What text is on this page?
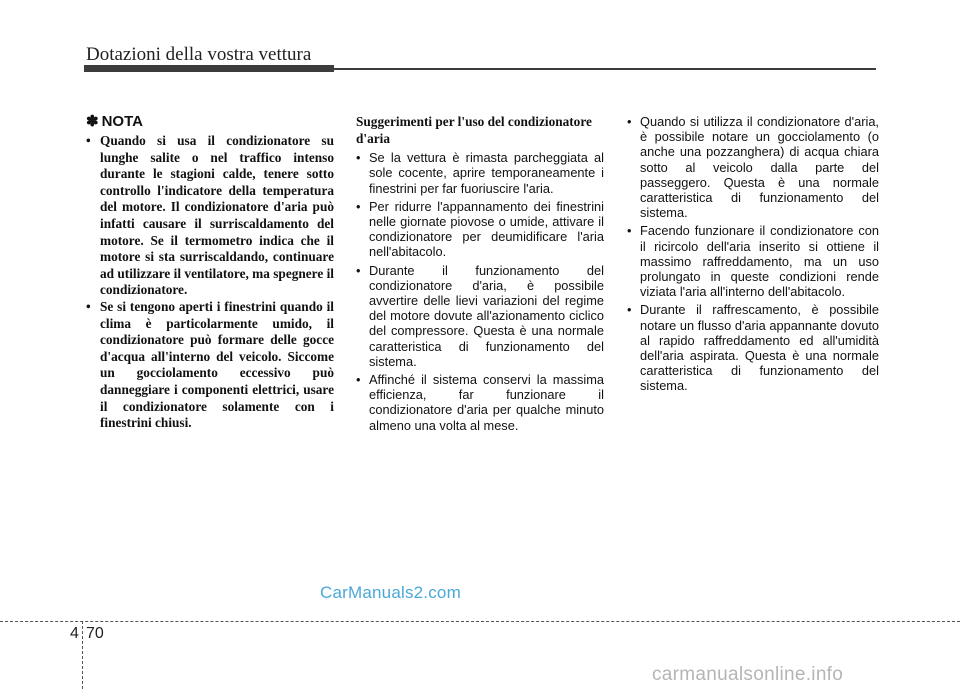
Dotazioni della vostra vettura
✽ NOTA
• Quando si usa il condizionatore su lunghe salite o nel traffico intenso durante le stagioni calde, tenere sotto controllo l'indicatore della temperatura del motore. Il condizionatore d'aria può infatti causare il surriscaldamento del motore. Se il termometro indica che il motore si sta surriscaldando, continuare ad utilizzare il ventilatore, ma spegnere il condizionatore.
• Se si tengono aperti i finestrini quando il clima è particolarmente umido, il condizionatore può formare delle gocce d'acqua all'interno del veicolo. Siccome un gocciolamento eccessivo può danneggiare i componenti elettrici, usare il condizionatore solamente con i finestrini chiusi.
Suggerimenti per l'uso del condizionatore d'aria
• Se la vettura è rimasta parcheggiata al sole cocente, aprire temporaneamente i finestrini per far fuoriuscire l'aria.
• Per ridurre l'appannamento dei finestrini nelle giornate piovose o umide, attivare il condizionatore per deumidificare l'aria nell'abitacolo.
• Durante il funzionamento del condizionatore d'aria, è possibile avvertire delle lievi variazioni del regime del motore dovute all'azionamento ciclico del compressore. Questa è una normale caratteristica di funzionamento del sistema.
• Affinché il sistema conservi la massima efficienza, far funzionare il condizionatore d'aria per qualche minuto almeno una volta al mese.
• Quando si utilizza il condizionatore d'aria, è possibile notare un gocciolamento (o anche una pozzanghera) di acqua chiara sotto al veicolo dalla parte del passeggero. Questa è una normale caratteristica di funzionamento del sistema.
• Facendo funzionare il condizionatore con il ricircolo dell'aria inserito si ottiene il massimo raffreddamento, ma un uso prolungato in queste condizioni rende viziata l'aria all'interno dell'abitacolo.
• Durante il raffrescamento, è possibile notare un flusso d'aria appannante dovuto al rapido raffreddamento ed all'umidità dell'aria aspirata. Questa è una normale caratteristica di funzionamento del sistema.
CarManuals2.com
4 70
carmanualsonline.info
